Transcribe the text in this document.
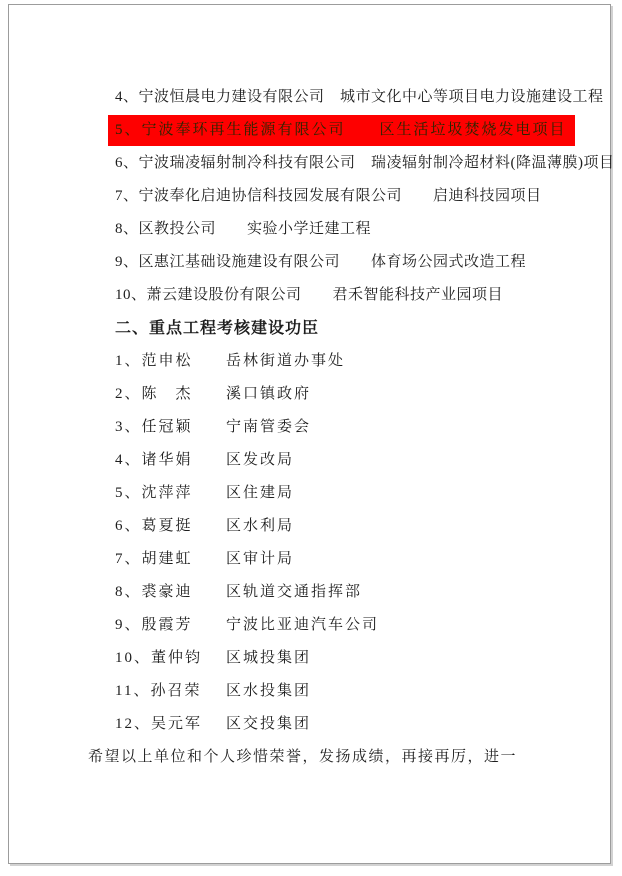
4、宁波恒晨电力建设有限公司　城市文化中心等项目电力设施建设工程

5、宁波奉环再生能源有限公司　　区生活垃圾焚烧发电项目

6、宁波瑞凌辐射制冷科技有限公司　瑞凌辐射制冷超材料(降温薄膜)项目

7、宁波奉化启迪协信科技园发展有限公司　　启迪科技园项目

8、区教投公司　　实验小学迁建工程

9、区惠江基础设施建设有限公司　　体育场公园式改造工程

10、萧云建设股份有限公司　　君禾智能科技产业园项目

二、重点工程考核建设功臣

1、范申松 岳林街道办事处

2、陈　杰 溪口镇政府

3、任冠颖 宁南管委会

4、诸华娟 区发改局

5、沈萍萍 区住建局

6、葛夏挺 区水利局

7、胡建虹 区审计局

8、裘豪迪 区轨道交通指挥部

9、殷霞芳 宁波比亚迪汽车公司

10、董仲钧 区城投集团

11、孙召荣 区水投集团

12、吴元军 区交投集团

希望以上单位和个人珍惜荣誉，发扬成绩，再接再厉，进一
